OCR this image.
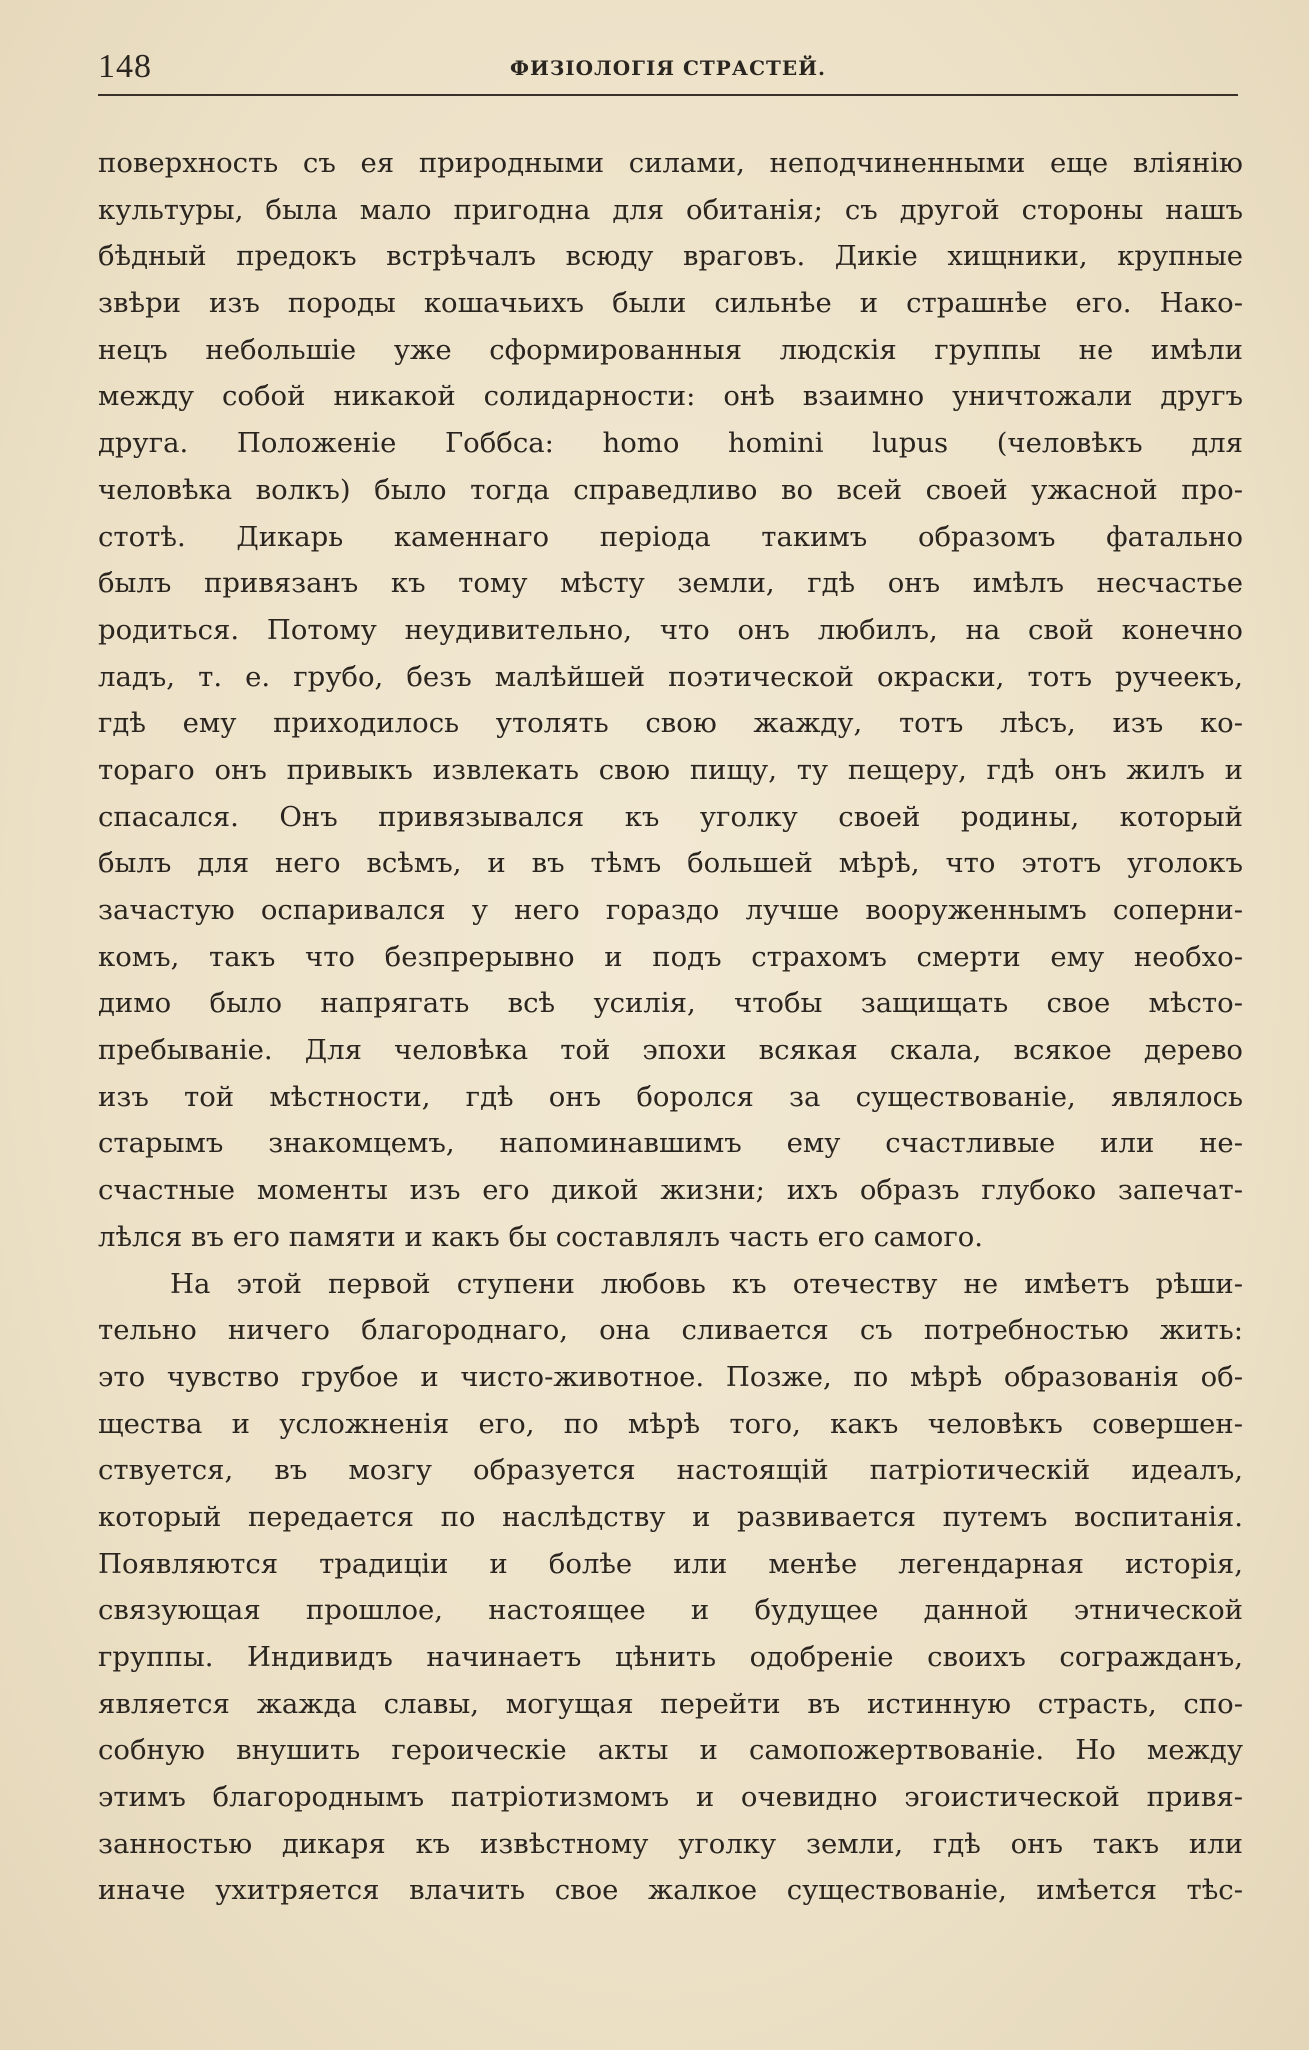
148	ФИЗІОЛОГІЯ СТРАСТЕЙ.
поверхность съ ея природными силами, неподчиненными еще вліянію
культуры, была мало пригодна для обитанія; съ другой стороны нашъ
бѣдный предокъ встрѣчалъ всюду враговъ. Дикіе хищники, крупные
звѣри изъ породы кошачьихъ были сильнѣе и страшнѣе его. Нако-
нецъ небольшіе уже сформированныя людскія группы не имѣли
между собой никакой солидарности: онѣ взаимно уничтожали другъ
друга. Положеніе Гоббса: homo homini lupus (человѣкъ для
человѣка волкъ) было тогда справедливо во всей своей ужасной про-
стотѣ. Дикарь каменнаго періода такимъ образомъ фатально
былъ привязанъ къ тому мѣсту земли, гдѣ онъ имѣлъ несчастье
родиться. Потому неудивительно, что онъ любилъ, на свой конечно
ладъ, т. е. грубо, безъ малѣйшей поэтической окраски, тотъ ручеекъ,
гдѣ ему приходилось утолять свою жажду, тотъ лѣсъ, изъ ко-
тораго онъ привыкъ извлекать свою пищу, ту пещеру, гдѣ онъ жилъ и
спасался. Онъ привязывался къ уголку своей родины, который
былъ для него всѣмъ, и въ тѣмъ большей мѣрѣ, что этотъ уголокъ
зачастую оспаривался у него гораздо лучше вооруженнымъ соперни-
комъ, такъ что безпрерывно и подъ страхомъ смерти ему необхо-
димо было напрягать всѣ усилія, чтобы защищать свое мѣсто-
пребываніе. Для человѣка той эпохи всякая скала, всякое дерево
изъ той мѣстности, гдѣ онъ боролся за существованіе, являлось
старымъ знакомцемъ, напоминавшимъ ему счастливые или не-
счастные моменты изъ его дикой жизни; ихъ образъ глубоко запечат-
лѣлся въ его памяти и какъ бы составлялъ часть его самого.
На этой первой ступени любовь къ отечеству не имѣетъ рѣши-
тельно ничего благороднаго, она сливается съ потребностью жить:
это чувство грубое и чисто-животное. Позже, по мѣрѣ образованія об-
щества и усложненія его, по мѣрѣ того, какъ человѣкъ совершен-
ствуется, въ мозгу образуется настоящій патріотическій идеалъ,
который передается по наслѣдству и развивается путемъ воспитанія.
Появляются традиціи и болѣе или менѣе легендарная исторія,
связующая прошлое, настоящее и будущее данной этнической
группы. Индивидъ начинаетъ цѣнить одобреніе своихъ согражданъ,
является жажда славы, могущая перейти въ истинную страсть, спо-
собную внушить героическіе акты и самопожертвованіе. Но между
этимъ благороднымъ патріотизмомъ и очевидно эгоистической привя-
занностью дикаря къ извѣстному уголку земли, гдѣ онъ такъ или
иначе ухитряется влачить свое жалкое существованіе, имѣется тѣс-
